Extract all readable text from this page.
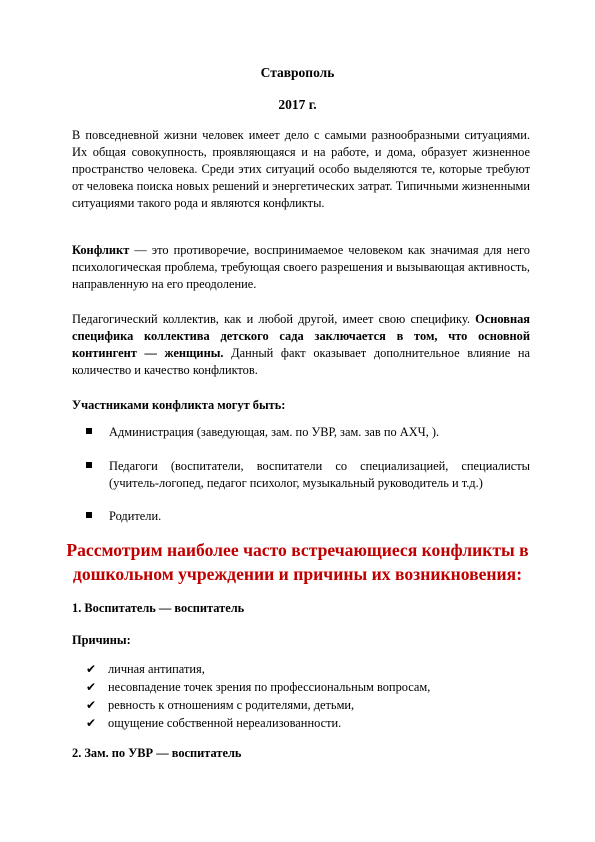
Ставрополь
2017 г.

В повседневной жизни человек имеет дело с самыми разнообразными ситуациями. Их общая совокупность, проявляющаяся и на работе, и дома, образует жизненное пространство человека. Среди этих ситуаций особо выделяются те, которые требуют от человека поиска новых решений и энергетических затрат. Типичными жизненными ситуациями такого рода и являются конфликты.

Конфликт — это противоречие, воспринимаемое человеком как значимая для него психологическая проблема, требующая своего разрешения и вызывающая активность, направленную на его преодоление.

Педагогический коллектив, как и любой другой, имеет свою специфику. Основная специфика коллектива детского сада заключается в том, что основной контингент — женщины. Данный факт оказывает дополнительное влияние на количество и качество конфликтов.

Участниками конфликта могут быть:

Администрация (заведующая, зам. по УВР, зам. зав по АХЧ, ).
Педагоги (воспитатели, воспитатели со специализацией, специалисты (учитель-логопед, педагог психолог, музыкальный руководитель и т.д.)
Родители.
Рассмотрим наиболее часто встречающиеся конфликты в дошкольном учреждении и причины их возникновения:
1. Воспитатель — воспитатель
Причины:
✔ личная антипатия,
✔ несовпадение точек зрения по профессиональным вопросам,
✔ ревность к отношениям с родителями, детьми,
✔ ощущение собственной нереализованности.
2. Зам. по УВР — воспитатель
